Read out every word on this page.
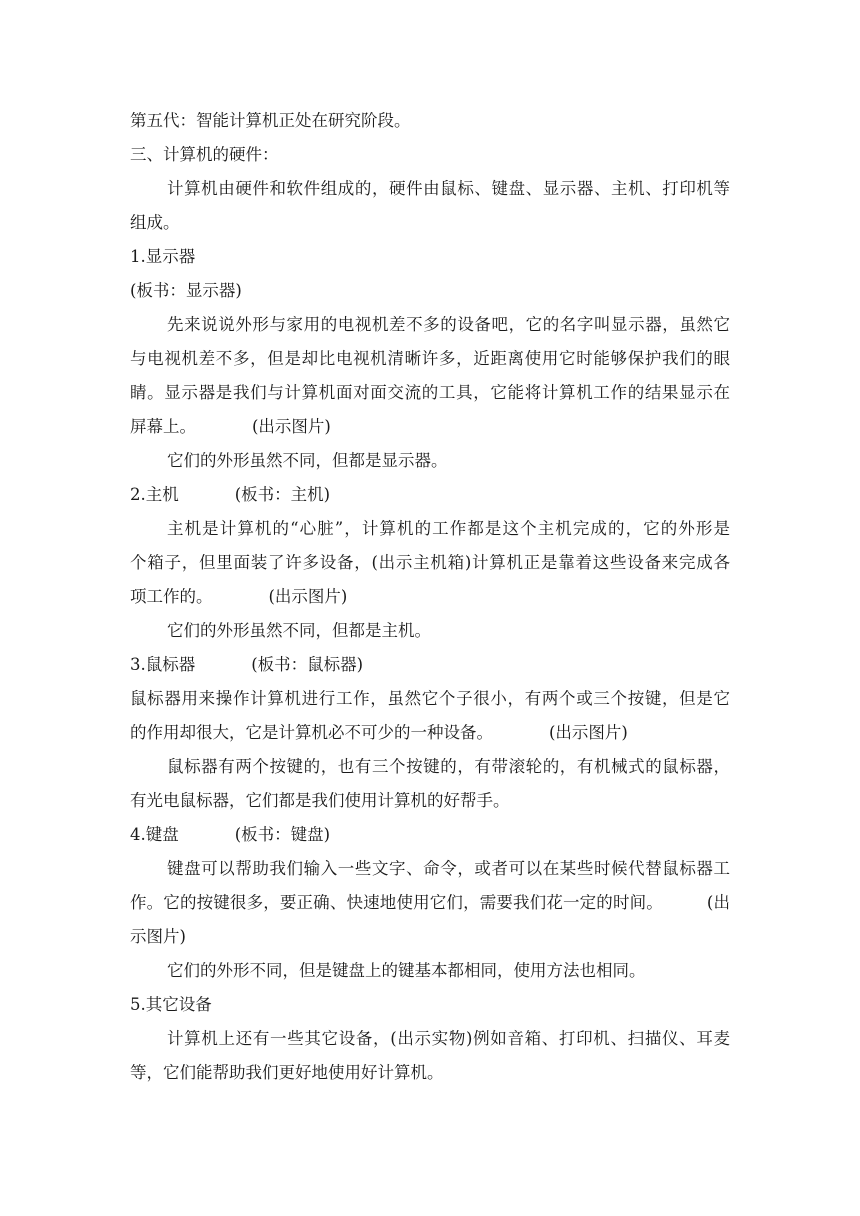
第五代：智能计算机正处在研究阶段。
三、计算机的硬件：
计算机由硬件和软件组成的，硬件由鼠标、键盘、显示器、主机、打印机等
组成。
1.显示器
(板书：显示器)
先来说说外形与家用的电视机差不多的设备吧，它的名字叫显示器，虽然它
与电视机差不多，但是却比电视机清晰许多，近距离使用它时能够保护我们的眼
睛。显示器是我们与计算机面对面交流的工具，它能将计算机工作的结果显示在
屏幕上。	(出示图片)
它们的外形虽然不同，但都是显示器。
2.主机	(板书：主机)
主机是计算机的“心脏”，计算机的工作都是这个主机完成的，它的外形是
个箱子，但里面装了许多设备，(出示主机箱)计算机正是靠着这些设备来完成各
项工作的。	(出示图片)
它们的外形虽然不同，但都是主机。
3.鼠标器	(板书：鼠标器)
鼠标器用来操作计算机进行工作，虽然它个子很小，有两个或三个按键，但是它
的作用却很大，它是计算机必不可少的一种设备。	(出示图片)
鼠标器有两个按键的，也有三个按键的，有带滚轮的，有机械式的鼠标器，
有光电鼠标器，它们都是我们使用计算机的好帮手。
4.键盘	(板书：键盘)
键盘可以帮助我们输入一些文字、命令，或者可以在某些时候代替鼠标器工
作。它的按键很多，要正确、快速地使用它们，需要我们花一定的时间。	(出
示图片)
它们的外形不同，但是键盘上的键基本都相同，使用方法也相同。
5.其它设备
计算机上还有一些其它设备，(出示实物)例如音箱、打印机、扫描仪、耳麦
等，它们能帮助我们更好地使用好计算机。
